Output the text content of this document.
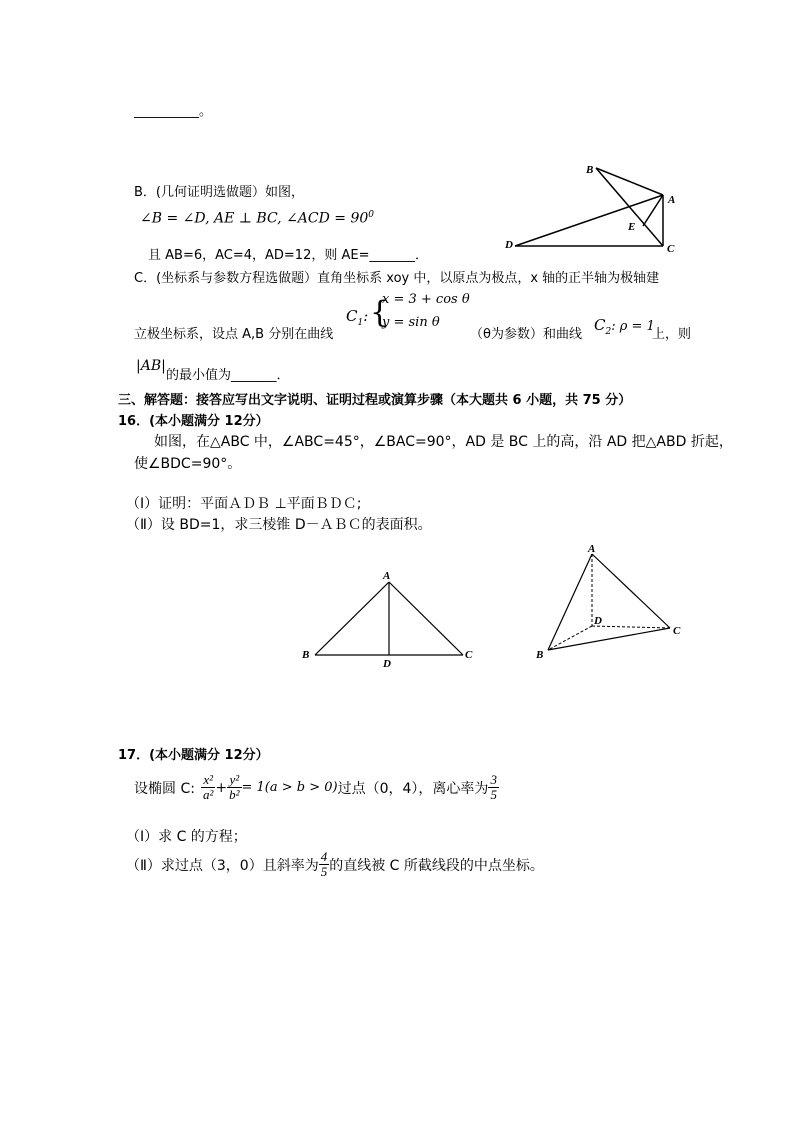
__________。
B．(几何证明选做题）如图，
∠B = ∠D, AE ⊥ BC, ∠ACD = $90^0$
且 AB=6，AC=4，AD=12，则 AE=_______．
B
A
E
D	C
C．(坐标系与参数方程选做题）直角坐标系 xoy 中，以原点为极点，x 轴的正半轴为极轴建
$C_1$: {
x = 3 + cos θ
y = sin θ
立极坐标系，设点 A,B 分别在曲线	（θ为参数）和曲线
$C_2$: ρ = 1
上，则
|AB|
的最小值为_______．
三、解答题：接答应写出文字说明、证明过程或演算步骤（本大题共 6 小题，共 75 分）
16．(本小题满分 12分）
如图，在△ABC 中，∠ABC=45°，∠BAC=90°，AD 是 BC 上的高，沿 AD 把△ABD 折起，
使∠BDC=90°。
（Ⅰ）证明：平面ＡＤＢ ⊥平面ＢＤＣ;
（Ⅱ）设 BD=1，求三棱锥 D－ＡＢＣ的表面积。
A
B
D
C
A
B
D
C
17．(本小题满分 12分）
设椭圆 C: $\frac{\text{x²}}{\text{a²}} + \frac{\text{y²}}{\text{b²}} = 1(a > b > 0)$ 过点（0，4），离心率为 $\frac{3}{5}$
（Ⅰ）求 C 的方程；
（Ⅱ）求过点（3，0）且斜率为 $\frac{4}{5}$ 的直线被 C 所截线段的中点坐标。
